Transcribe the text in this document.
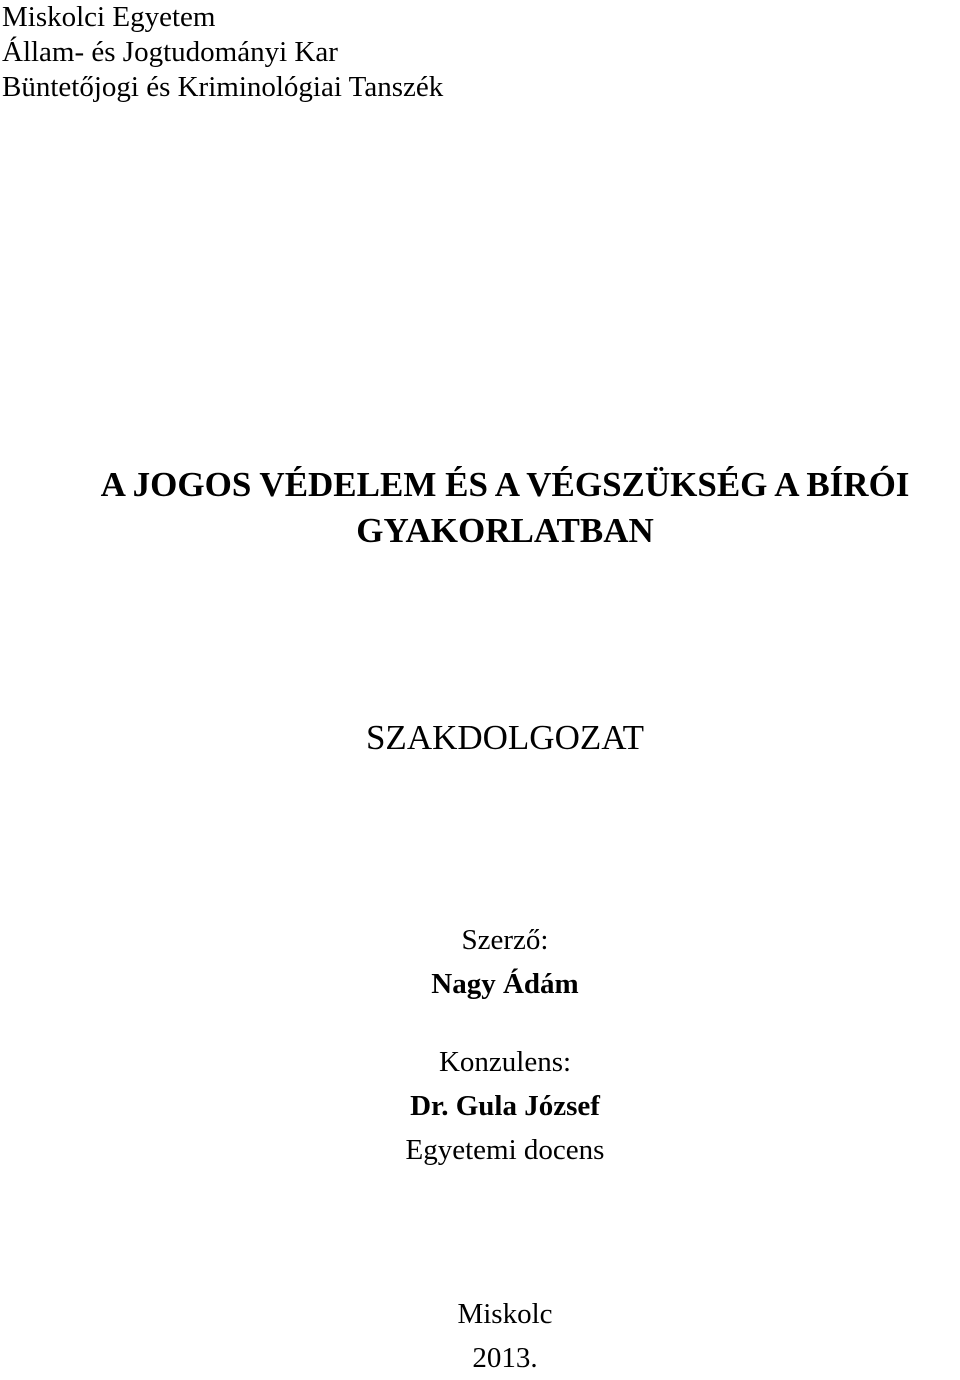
Miskolci Egyetem
Állam- és Jogtudományi Kar
Büntetőjogi és Kriminológiai Tanszék
A JOGOS VÉDELEM ÉS A VÉGSZÜKSÉG A BÍRÓI
GYAKORLATBAN
SZAKDOLGOZAT
Szerző:
Nagy Ádám
Konzulens:
Dr. Gula József
Egyetemi docens
Miskolc
2013.
